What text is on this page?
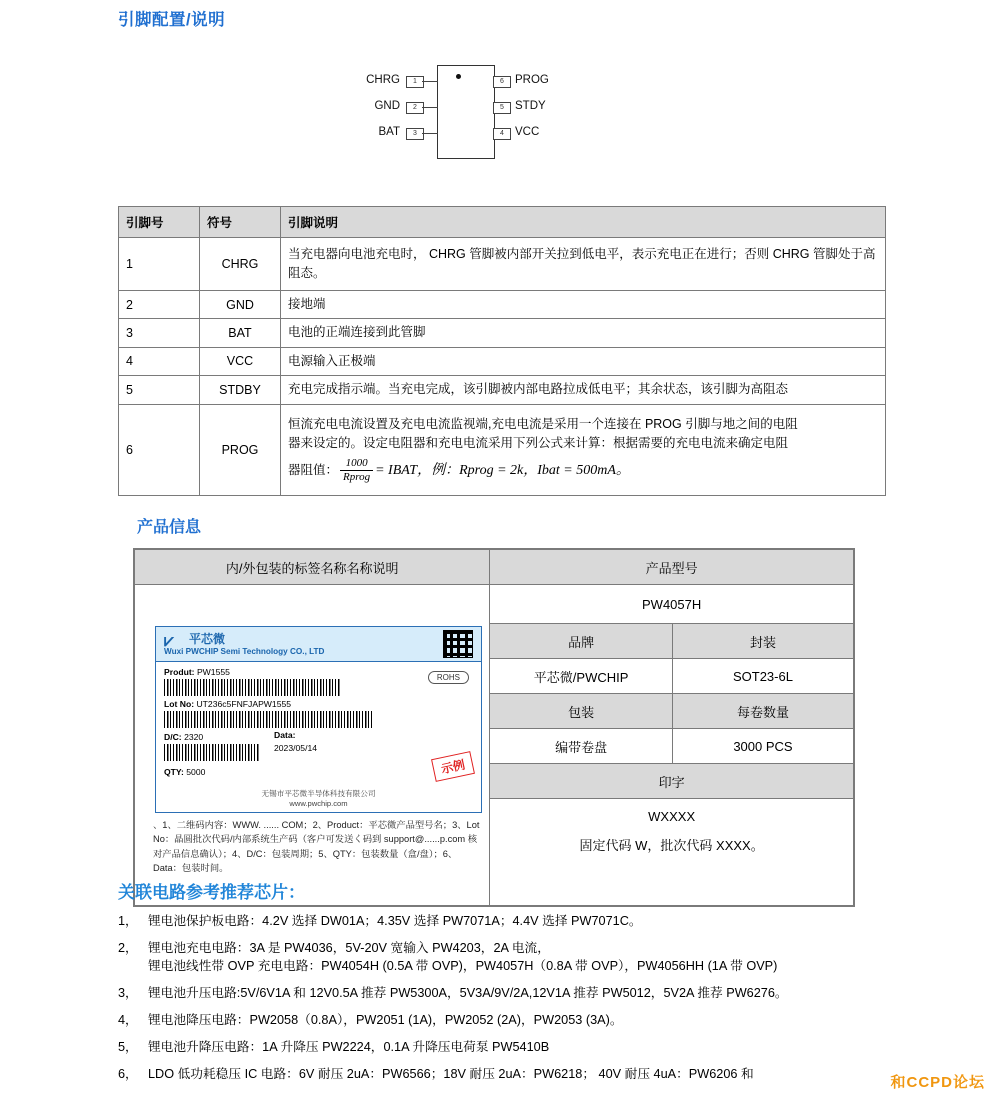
引脚配置/说明
1
CHRG
2
GND
3
BAT
6 PROG
5 STDY
4 VCC
引脚号	符号	引脚说明
1	CHRG	当充电器向电池充电时， CHRG 管脚被内部开关拉到低电平，表示充电正在进行；否则 CHRG 管脚处于高阻态。
2	GND	接地端
3	BAT	电池的正端连接到此管脚
4	VCC	电源输入正极端
5	STDBY	充电完成指示端。当充电完成，该引脚被内部电路拉成低电平；其余状态，该引脚为高阻态
6	PROG	
恒流充电电流设置及充电电流监视端,充电电流是采用一个连接在 PROG 引脚与地之间的电阻
器来设定的。设定电阻器和充电电流采用下列公式来计算：根据需要的充电电流来确定电阻
器阻值： $\frac{1000}{\text{Rprog}}$ = IBAT，例：Rprog = 2k，Ibat = 500mA。
产品信息
内/外包装的标签名称名称说明	产品型号	

⩗	平芯微
Wuxi PWCHIP Semi Technology CO., LTD
Produt: PW1555
Lot No: UT236c5FNFJAPW1555
D/C: 2320	Data:
2023/05/14
QTY: 5000
ROHS
示例
无锡市平芯微半导体科技有限公司
www.pwchip.com
、1、二维码内容：WWW. ...... COM；2、Product：平芯微产品型号名；3、Lot No：晶圆批次代码/内部系统生产码（客户可发送く码到 support@......p.com 核对产品信息确认）；4、D/C：包装周期；5、QTY：包装数量（盒/盘）；6、Data：包装时间。
	PW4057H
	品牌	封装
	平芯微/PWCHIP	SOT23-6L
	包装	每卷数量
	编带卷盘	3000 PCS
	印字	
	WXXXX	
	固定代码 W，批次代码 XXXX。	
关联电路参考推荐芯片：
1， 锂电池保护板电路：4.2V 选择 DW01A；4.35V 选择 PW7071A；4.4V 选择 PW7071C。
2， 锂电池充电电路：3A 是 PW4036，5V-20V 宽输入 PW4203，2A 电流，
锂电池线性带 OVP 充电电路：PW4054H (0.5A 带 OVP)，PW4057H（0.8A 带 OVP），PW4056HH (1A 带 OVP)
3， 锂电池升压电路:5V/6V1A 和 12V0.5A 推荐 PW5300A，5V3A/9V/2A,12V1A 推荐 PW5012，5V2A 推荐 PW6276。
4， 锂电池降压电路：PW2058（0.8A），PW2051 (1A)，PW2052 (2A)，PW2053 (3A)。
5， 锂电池升降压电路：1A 升降压 PW2224，0.1A 升降压电荷泵 PW5410B
6， LDO 低功耗稳压 IC 电路：6V 耐压 2uA：PW6566；18V 耐压 2uA：PW6218； 40V 耐压 4uA：PW6206 和	和CCPD论坛
